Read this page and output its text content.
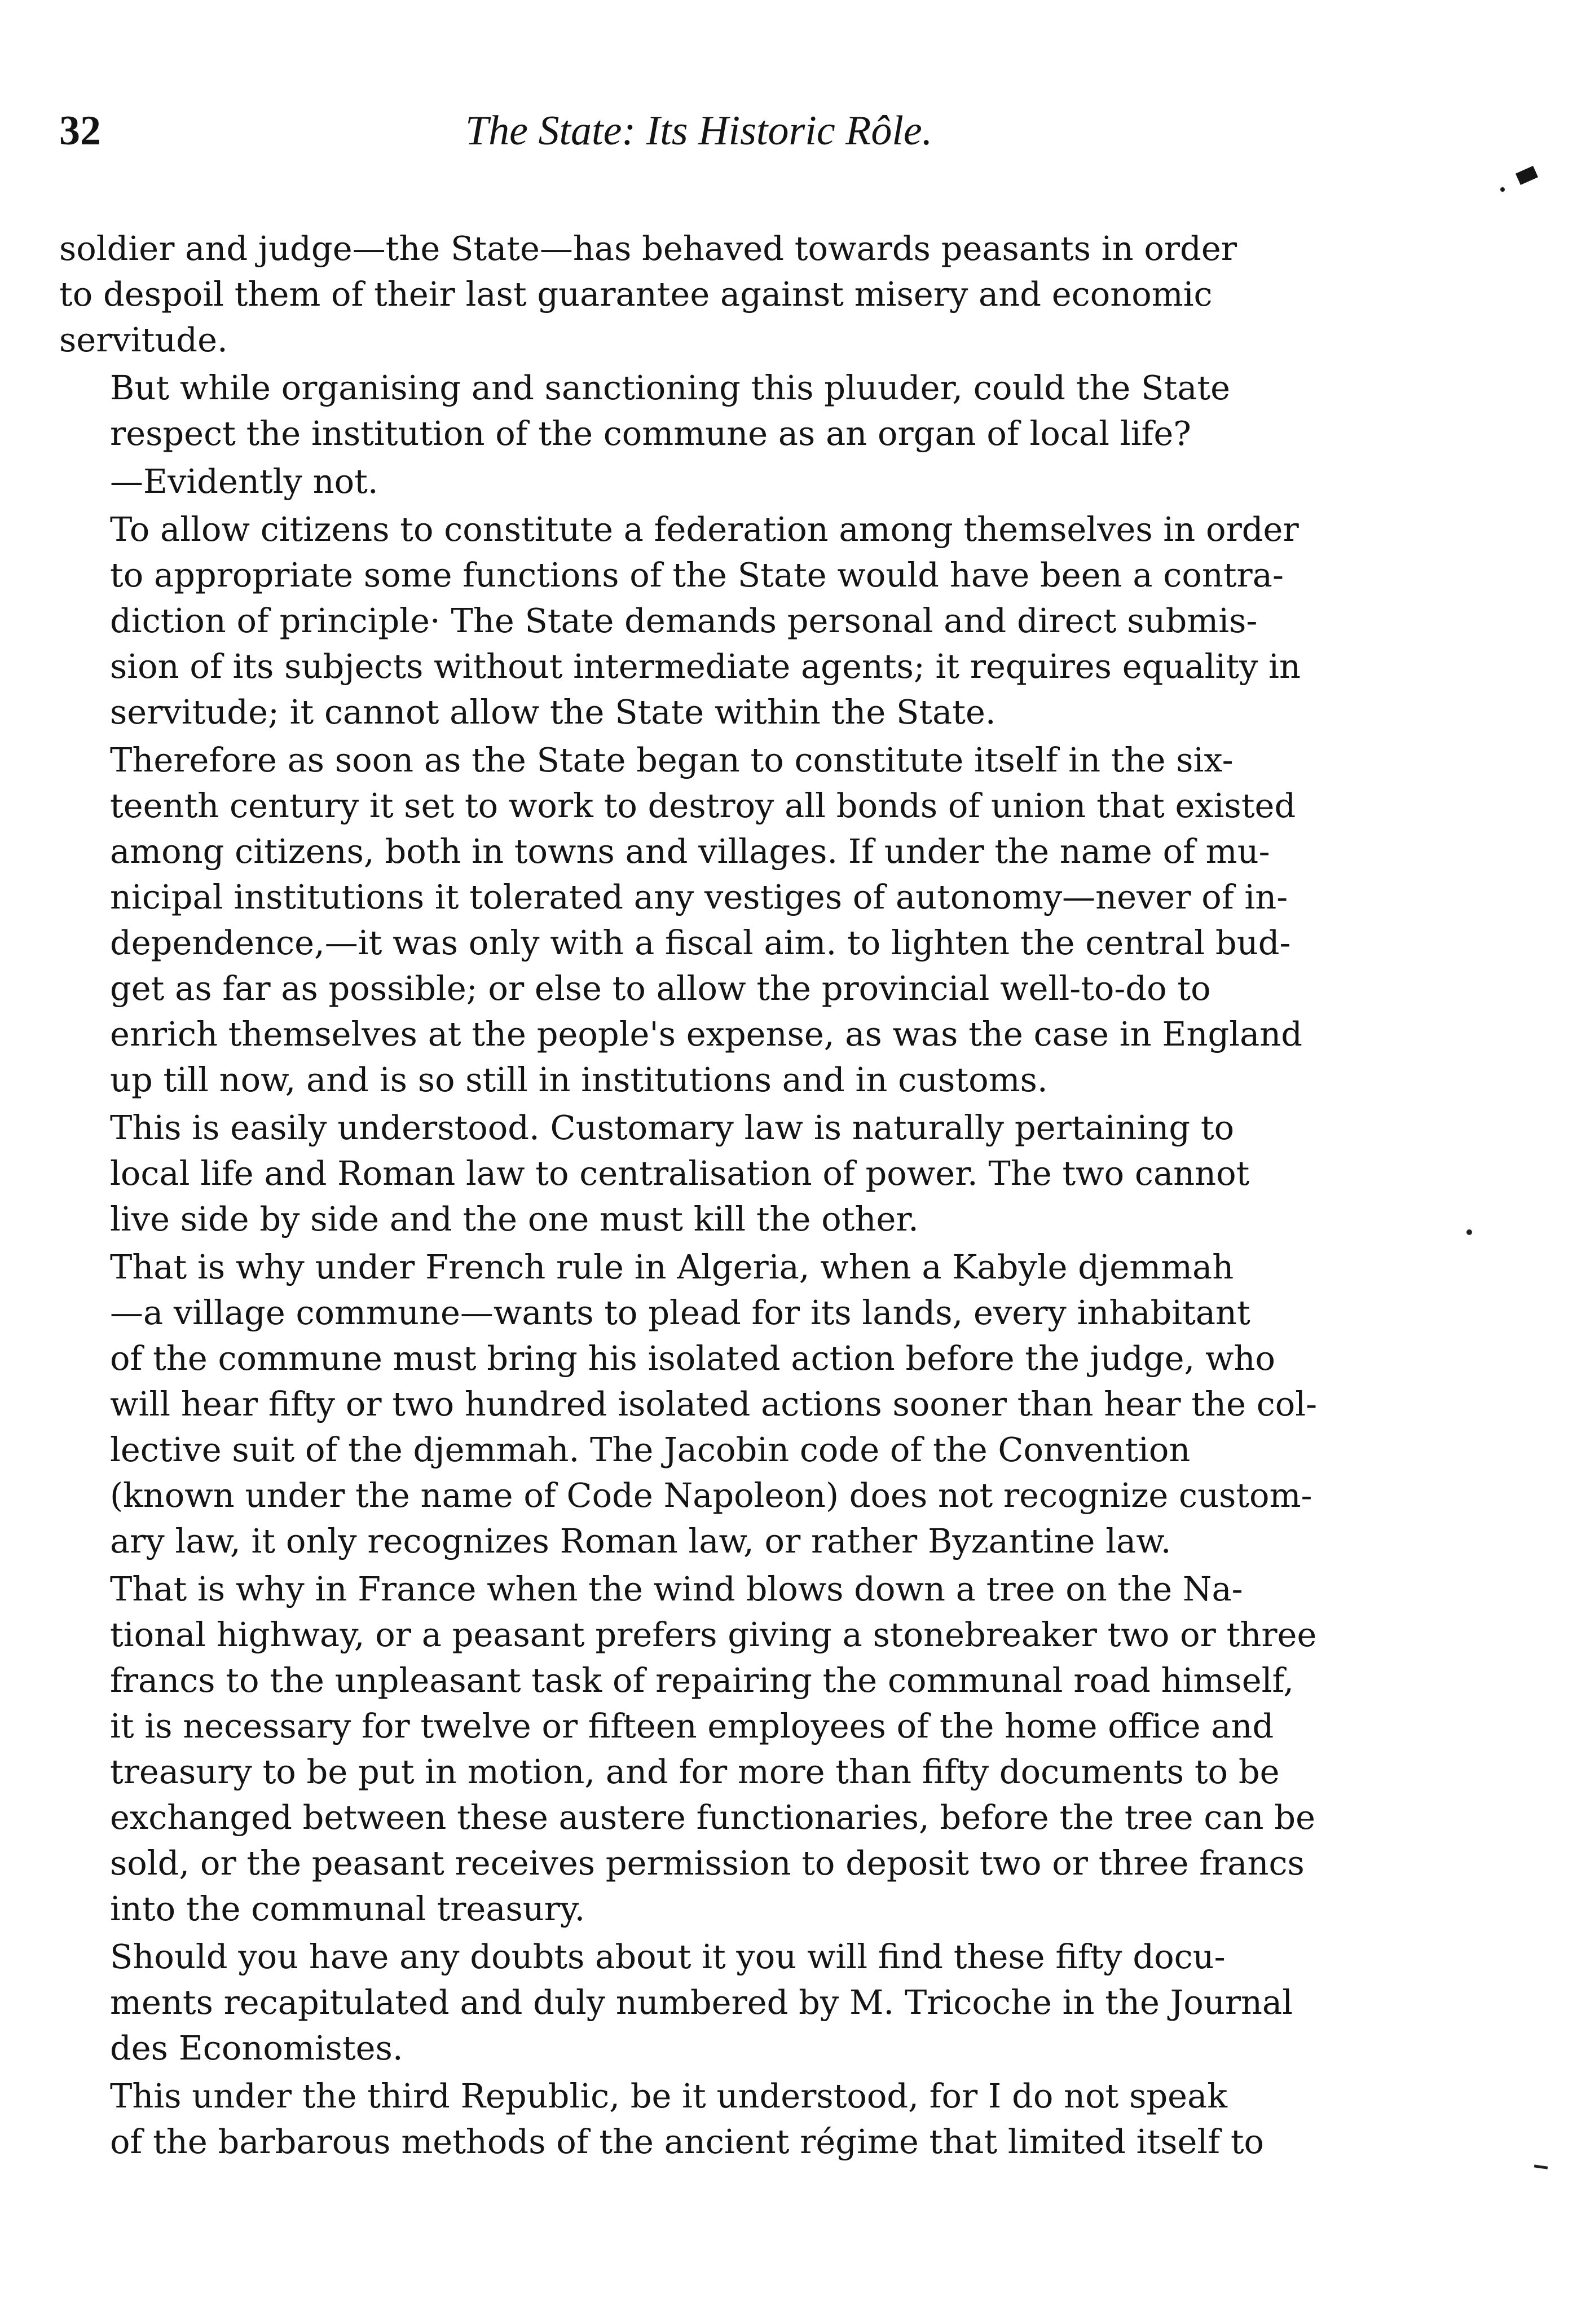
32	The State: Its Historic Rôle.

soldier and judge—the State—has behaved towards peasants in order
to despoil them of their last guarantee against misery and economic
servitude.

But while organising and sanctioning this pluuder, could the State
respect the institution of the commune as an organ of local life?

—Evidently not.

To allow citizens to constitute a federation among themselves in order
to appropriate some functions of the State would have been a contra-
diction of principle· The State demands personal and direct submis-
sion of its subjects without intermediate agents; it requires equality in
servitude; it cannot allow the State within the State.

Therefore as soon as the State began to constitute itself in the six-
teenth century it set to work to destroy all bonds of union that existed
among citizens, both in towns and villages. If under the name of mu-
nicipal institutions it tolerated any vestiges of autonomy—never of in-
dependence,—it was only with a fiscal aim. to lighten the central bud-
get as far as possible; or else to allow the provincial well-to-do to
enrich themselves at the people's expense, as was the case in England
up till now, and is so still in institutions and in customs.

This is easily understood. Customary law is naturally pertaining to
local life and Roman law to centralisation of power. The two cannot
live side by side and the one must kill the other.

That is why under French rule in Algeria, when a Kabyle djemmah
—a village commune—wants to plead for its lands, every inhabitant
of the commune must bring his isolated action before the judge, who
will hear fifty or two hundred isolated actions sooner than hear the col-
lective suit of the djemmah. The Jacobin code of the Convention
(known under the name of Code Napoleon) does not recognize custom-
ary law, it only recognizes Roman law, or rather Byzantine law.

That is why in France when the wind blows down a tree on the Na-
tional highway, or a peasant prefers giving a stonebreaker two or three
francs to the unpleasant task of repairing the communal road himself,
it is necessary for twelve or fifteen employees of the home office and
treasury to be put in motion, and for more than fifty documents to be
exchanged between these austere functionaries, before the tree can be
sold, or the peasant receives permission to deposit two or three francs
into the communal treasury.

Should you have any doubts about it you will find these fifty docu-
ments recapitulated and duly numbered by M. Tricoche in the Journal
des Economistes.

This under the third Republic, be it understood, for I do not speak
of the barbarous methods of the ancient régime that limited itself to
